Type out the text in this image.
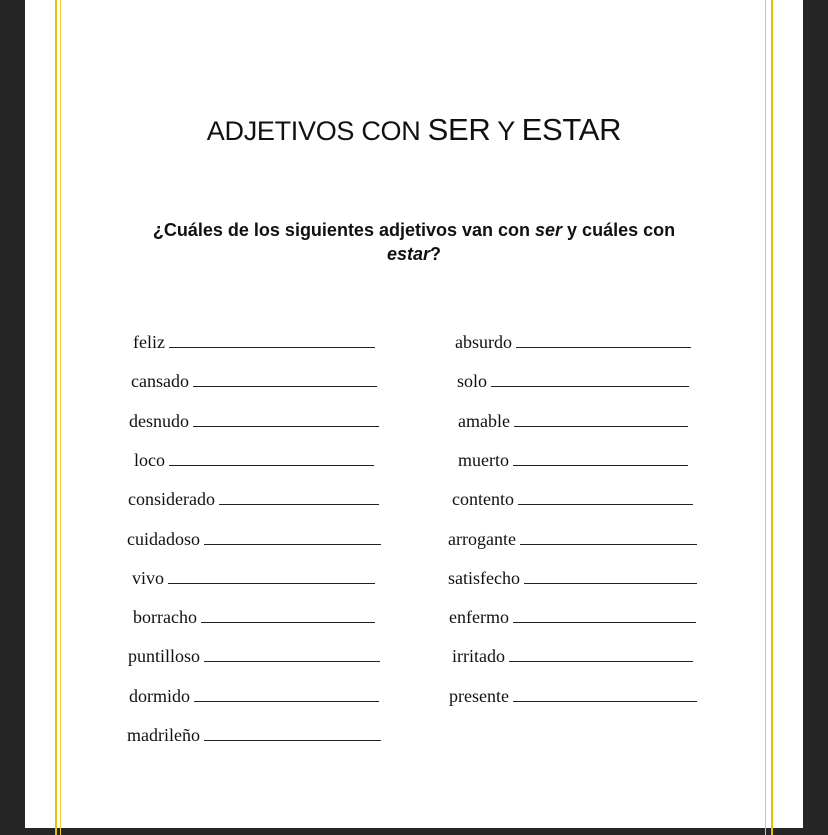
ADJETIVOS CON SER Y ESTAR
¿Cuáles de los siguientes adjetivos van con ser y cuáles con
estar?
feliz
cansado
desnudo
loco
considerado
cuidadoso
vivo
borracho
puntilloso
dormido
madrileño
absurdo
solo
amable
muerto
contento
arrogante
satisfecho
enfermo
irritado
presente
